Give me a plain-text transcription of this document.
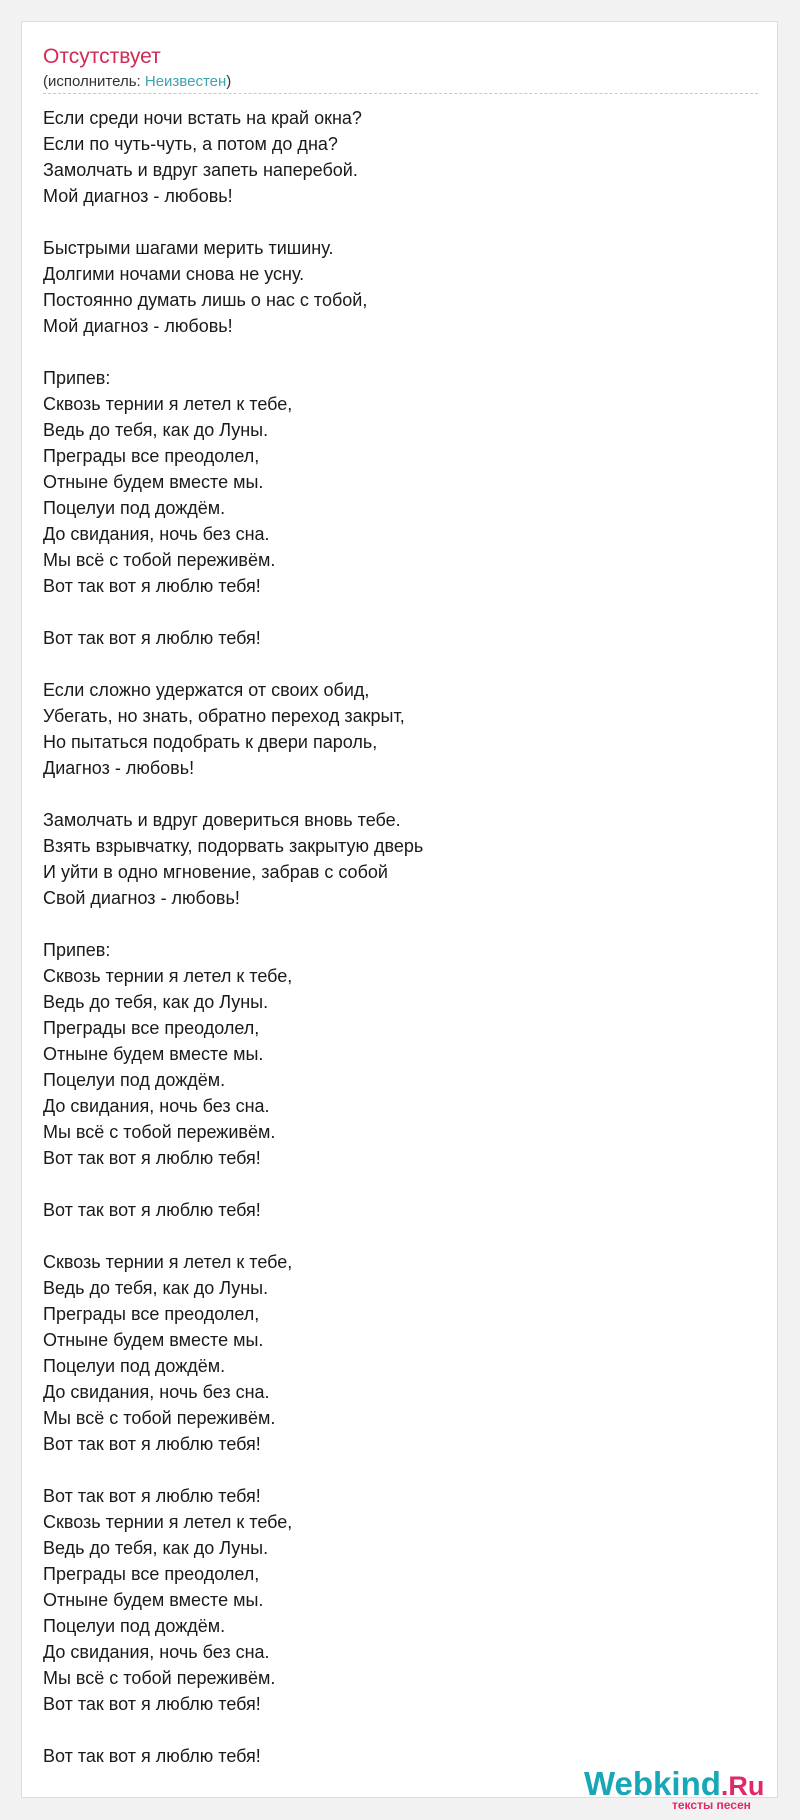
Отсутствует
(исполнитель: Неизвестен)
Если среди ночи встать на край окна?
Если по чуть-чуть, а потом до дна?
Замолчать и вдруг запеть наперебой.
Мой диагноз - любовь!
Быстрыми шагами мерить тишину.
Долгими ночами снова не усну.
Постоянно думать лишь о нас с тобой,
Мой диагноз - любовь!
Припев:
Сквозь тернии я летел к тебе,
Ведь до тебя, как до Луны.
Преграды все преодолел,
Отныне будем вместе мы.
Поцелуи под дождём.
До свидания, ночь без сна.
Мы всё с тобой переживём.
Вот так вот я люблю тебя!
Вот так вот я люблю тебя!
Если сложно удержатся от своих обид,
Убегать, но знать, обратно переход закрыт,
Но пытаться подобрать к двери пароль,
Диагноз - любовь!
Замолчать и вдруг довериться вновь тебе.
Взять взрывчатку, подорвать закрытую дверь
И уйти в одно мгновение, забрав с собой
Свой диагноз - любовь!
Припев:
Сквозь тернии я летел к тебе,
Ведь до тебя, как до Луны.
Преграды все преодолел,
Отныне будем вместе мы.
Поцелуи под дождём.
До свидания, ночь без сна.
Мы всё с тобой переживём.
Вот так вот я люблю тебя!
Вот так вот я люблю тебя!
Сквозь тернии я летел к тебе,
Ведь до тебя, как до Луны.
Преграды все преодолел,
Отныне будем вместе мы.
Поцелуи под дождём.
До свидания, ночь без сна.
Мы всё с тобой переживём.
Вот так вот я люблю тебя!
Вот так вот я люблю тебя!
Сквозь тернии я летел к тебе,
Ведь до тебя, как до Луны.
Преграды все преодолел,
Отныне будем вместе мы.
Поцелуи под дождём.
До свидания, ночь без сна.
Мы всё с тобой переживём.
Вот так вот я люблю тебя!
Вот так вот я люблю тебя!
Webkind.Ru
тексты песен
